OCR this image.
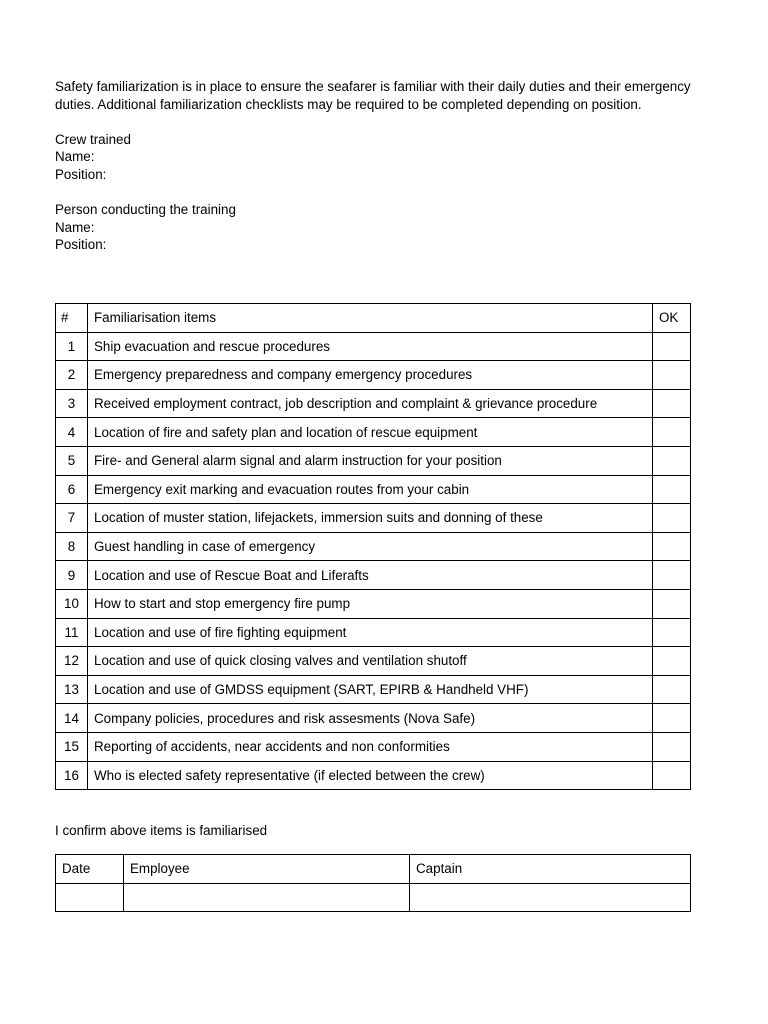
Safety familiarization is in place to ensure the seafarer is familiar with their daily duties and their emergency duties. Additional familiarization checklists may be required to be completed depending on position.

Crew trained

Name:

Position:

Person conducting the training

Name:

Position:

#	Familiarisation items	OK
1	Ship evacuation and rescue procedures	
2	Emergency preparedness and company emergency procedures	
3	Received employment contract, job description and complaint & grievance procedure	
4	Location of fire and safety plan and location of rescue equipment	
5	Fire- and General alarm signal and alarm instruction for your position	
6	Emergency exit marking and evacuation routes from your cabin	
7	Location of muster station, lifejackets, immersion suits and donning of these	
8	Guest handling in case of emergency	
9	Location and use of Rescue Boat and Liferafts	
10	How to start and stop emergency fire pump	
11	Location and use of fire fighting equipment	
12	Location and use of quick closing valves and ventilation shutoff	
13	Location and use of GMDSS equipment (SART, EPIRB & Handheld VHF)	
14	Company policies, procedures and risk assesments (Nova Safe)	
15	Reporting of accidents, near accidents and non conformities	
16	Who is elected safety representative (if elected between the crew)	

I confirm above items is familiarised

Date	Employee	Captain
